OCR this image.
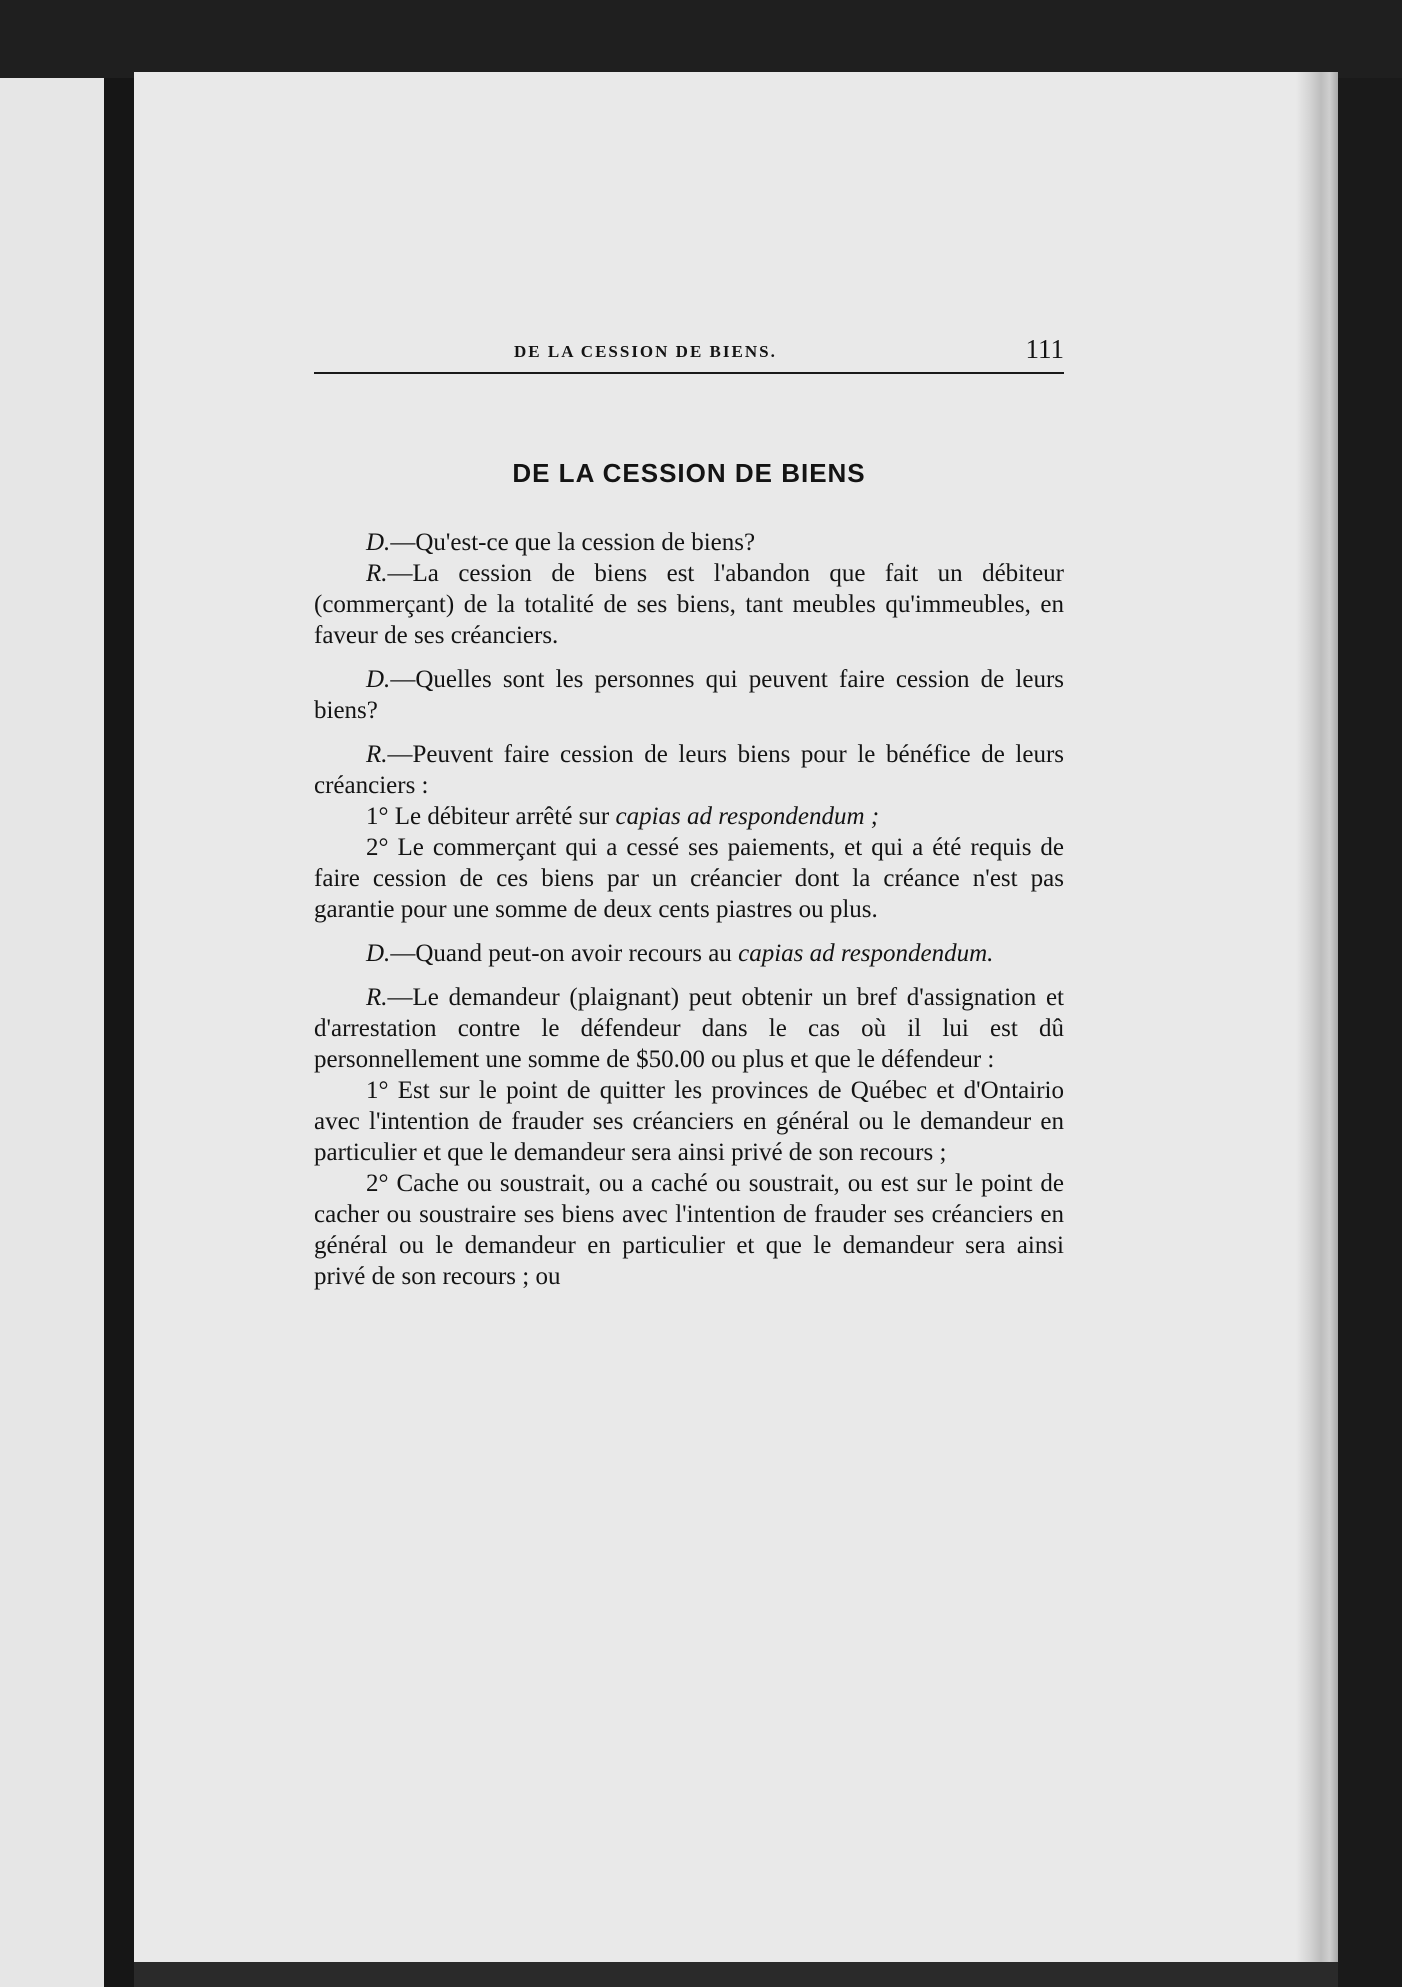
DE LA CESSION DE BIENS.	111
DE LA CESSION DE BIENS

D.—Qu'est-ce que la cession de biens?

R.—La cession de biens est l'abandon que fait un débiteur (commerçant) de la totalité de ses biens, tant meubles qu'immeubles, en faveur de ses créanciers.

D.—Quelles sont les personnes qui peuvent faire cession de leurs biens?

R.—Peuvent faire cession de leurs biens pour le bénéfice de leurs créanciers :

1° Le débiteur arrêté sur capias ad respondendum ;

2° Le commerçant qui a cessé ses paiements, et qui a été requis de faire cession de ces biens par un créancier dont la créance n'est pas garantie pour une somme de deux cents piastres ou plus.

D.—Quand peut-on avoir recours au capias ad respondendum.

R.—Le demandeur (plaignant) peut obtenir un bref d'assignation et d'arrestation contre le défendeur dans le cas où il lui est dû personnellement une somme de $50.00 ou plus et que le défendeur :

1° Est sur le point de quitter les provinces de Québec et d'Ontairio avec l'intention de frauder ses créanciers en général ou le demandeur en particulier et que le demandeur sera ainsi privé de son recours ;

2° Cache ou soustrait, ou a caché ou soustrait, ou est sur le point de cacher ou soustraire ses biens avec l'intention de frauder ses créanciers en général ou le demandeur en particulier et que le demandeur sera ainsi privé de son recours ; ou
